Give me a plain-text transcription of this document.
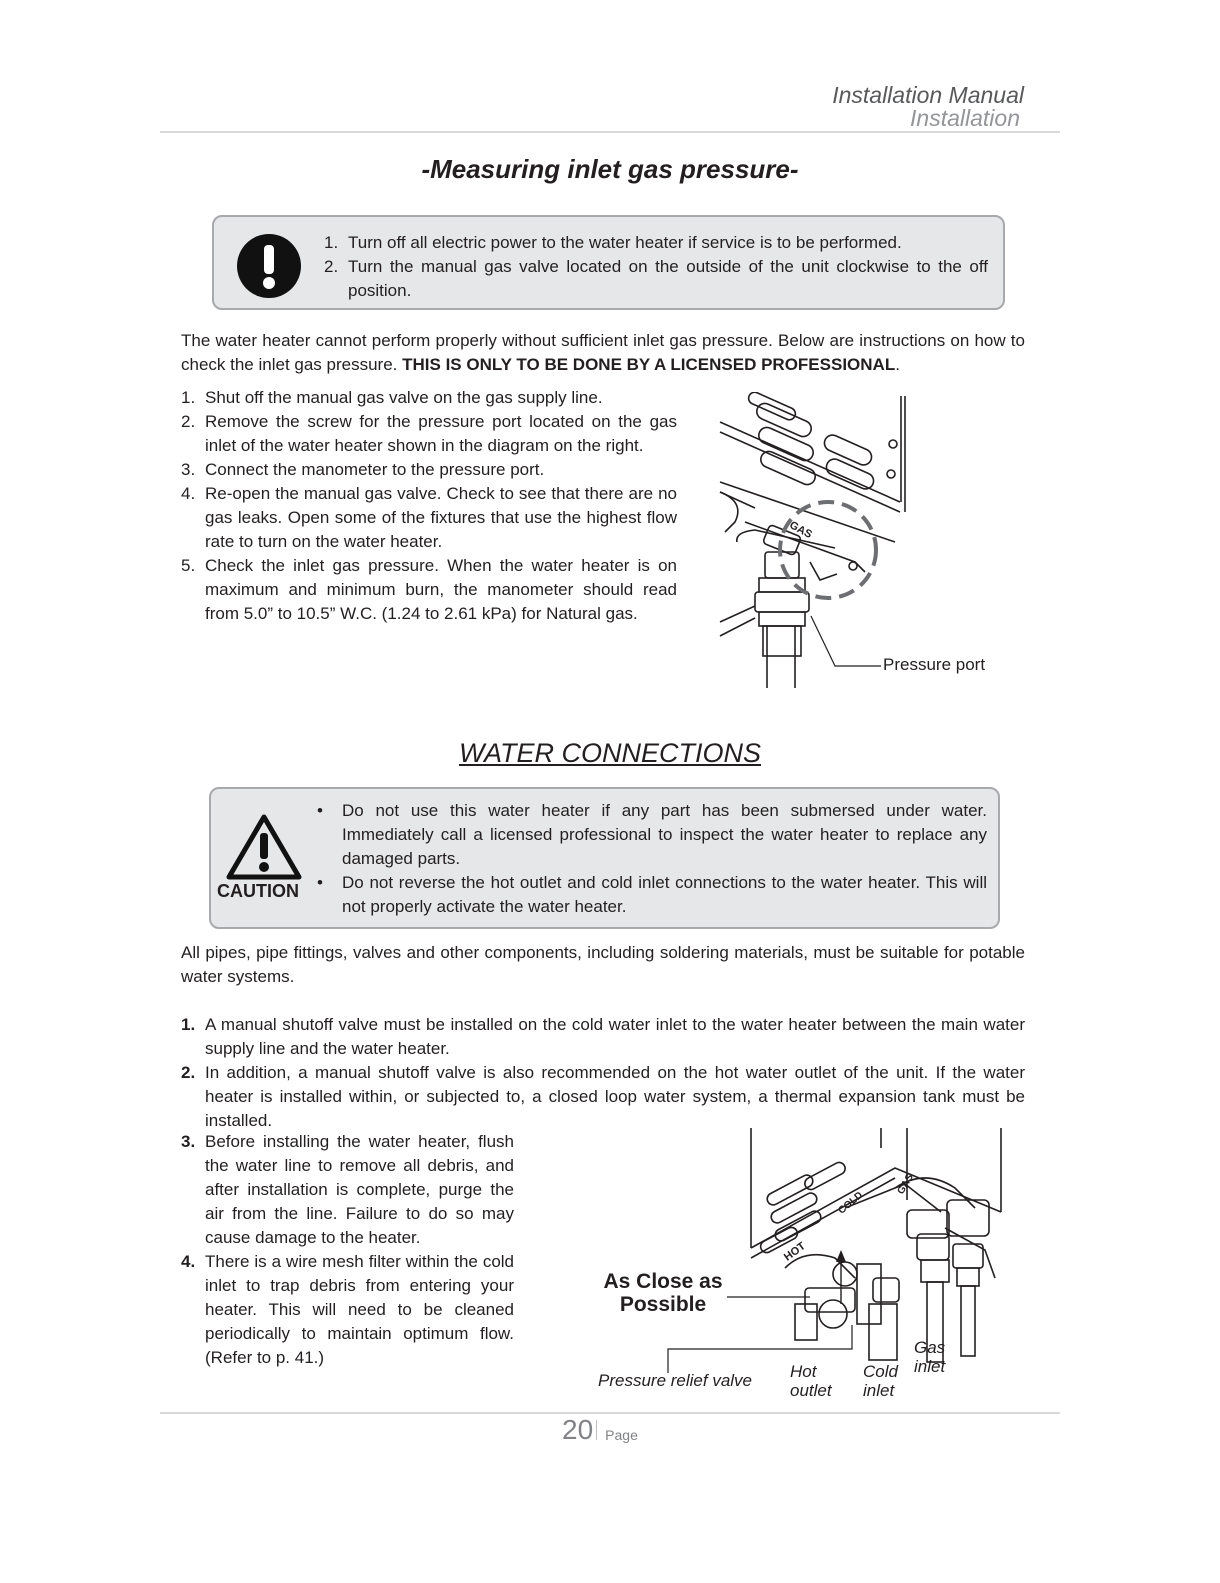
Installation Manual
Installation
-Measuring inlet gas pressure-
1. Turn off all electric power to the water heater if service is to be performed.
2. Turn the manual gas valve located on the outside of the unit clockwise to the off position.
The water heater cannot perform properly without sufficient inlet gas pressure. Below are instructions on how to check the inlet gas pressure. THIS IS ONLY TO BE DONE BY A LICENSED PROFESSIONAL.
1. Shut off the manual gas valve on the gas supply line.
2. Remove the screw for the pressure port located on the gas inlet of the water heater shown in the diagram on the right.
3. Connect the manometer to the pressure port.
4. Re-open the manual gas valve. Check to see that there are no gas leaks. Open some of the fixtures that use the highest flow rate to turn on the water heater.
5. Check the inlet gas pressure. When the water heater is on maximum and minimum burn, the manometer should read from 5.0” to 10.5” W.C. (1.24 to 2.61 kPa) for Natural gas.
GAS
Pressure port
WATER CONNECTIONS
CAUTION
• Do not use this water heater if any part has been submersed under water. Immediately call a licensed professional to inspect the water heater to replace any damaged parts.
• Do not reverse the hot outlet and cold inlet connections to the water heater. This will not properly activate the water heater.
All pipes, pipe fittings, valves and other components, including soldering materials, must be suitable for potable water systems.
1. A manual shutoff valve must be installed on the cold water inlet to the water heater between the main water supply line and the water heater.
2. In addition, a manual shutoff valve is also recommended on the hot water outlet of the unit. If the water heater is installed within, or subjected to, a closed loop water system, a thermal expansion tank must be installed.
3. Before installing the water heater, flush the water line to remove all debris, and after installation is complete, purge the air from the line. Failure to do so may cause damage to the heater.
4. There is a wire mesh filter within the cold inlet to trap debris from entering your heater. This will need to be cleaned periodically to maintain optimum flow. (Refer to p. 41.)
HOT
COLD
GAS
As Close as
Possible
Pressure relief valve Hot
outlet
Cold
inlet
Gas
inlet
20 Page
